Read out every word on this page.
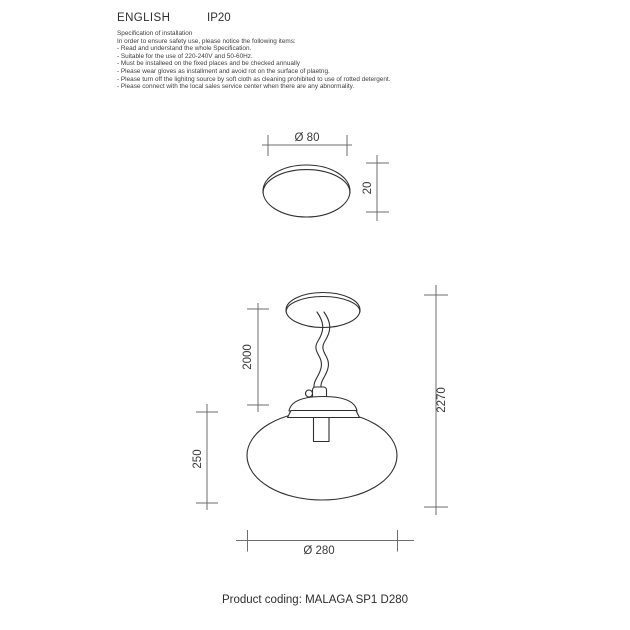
ENGLISH	IP20
Specification of installation
In order to ensure safety use, please notice the following items:
- Read and understand the whole Specification.
- Suitable for the use of 220-240V and 50-60Hz.
- Must be installeed on the fixed places and be checked annually
- Please wear gloves as installment and avoid rot on the surface of plaetng.
- Please turn off the lighitng source by soft cloth as cleaning prohibited to use of rotted detergent.
- Please connect with the local sales service center when there are any abnormality.
Ø 80
20
2000
250
2270
Ø 280
Product coding: MALAGA SP1 D280
